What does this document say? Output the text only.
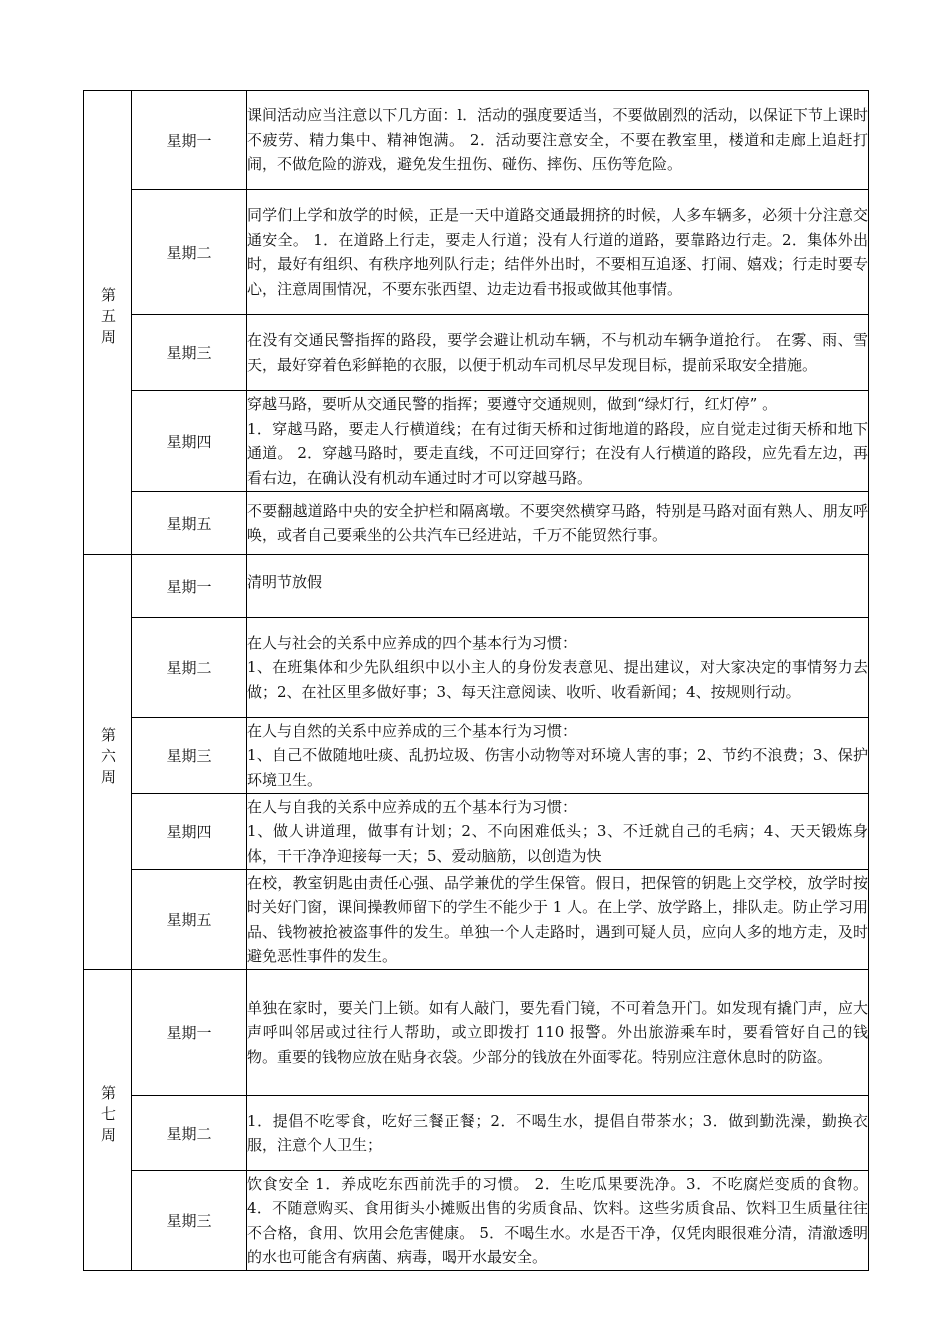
第五周	星期一	课间活动应当注意以下几方面：l．活动的强度要适当，不要做剧烈的活动，以保证下节上课时不疲劳、精力集中、精神饱满。 2．活动要注意安全，不要在教室里，楼道和走廊上追赶打闹，不做危险的游戏，避免发生扭伤、碰伤、摔伤、压伤等危险。

	星期二	同学们上学和放学的时候，正是一天中道路交通最拥挤的时候，人多车辆多，必须十分注意交通安全。 1．在道路上行走，要走人行道；没有人行道的道路，要靠路边行走。2．集体外出时，最好有组织、有秩序地列队行走；结伴外出时，不要相互追逐、打闹、嬉戏；行走时要专心，注意周围情况，不要东张西望、边走边看书报或做其他事情。

	星期三	在没有交通民警指挥的路段，要学会避让机动车辆，不与机动车辆争道抢行。 在雾、雨、雪天，最好穿着色彩鲜艳的衣服，以便于机动车司机尽早发现目标，提前采取安全措施。

	星期四	穿越马路，要听从交通民警的指挥；要遵守交通规则，做到“绿灯行，红灯停” 。
1．穿越马路，要走人行横道线；在有过街天桥和过街地道的路段，应自觉走过街天桥和地下通道。 2．穿越马路时，要走直线，不可迂回穿行；在没有人行横道的路段，应先看左边，再看右边，在确认没有机动车通过时才可以穿越马路。

	星期五	不要翻越道路中央的安全护栏和隔离墩。不要突然横穿马路，特别是马路对面有熟人、朋友呼唤，或者自己要乘坐的公共汽车已经进站，千万不能贸然行事。

第六周	星期一	清明节放假

	星期二	在人与社会的关系中应养成的四个基本行为习惯：
1、在班集体和少先队组织中以小主人的身份发表意见、提出建议，对大家决定的事情努力去做；2、在社区里多做好事；3、每天注意阅读、收听、收看新闻；4、按规则行动。

	星期三	在人与自然的关系中应养成的三个基本行为习惯：
1、自己不做随地吐痰、乱扔垃圾、伤害小动物等对环境人害的事；2、节约不浪费；3、保护环境卫生。

	星期四	在人与自我的关系中应养成的五个基本行为习惯：
1、做人讲道理，做事有计划；2、不向困难低头；3、不迁就自己的毛病；4、天天锻炼身体，干干净净迎接每一天；5、爱动脑筋，以创造为快

	星期五	在校，教室钥匙由责任心强、品学兼优的学生保管。假日，把保管的钥匙上交学校，放学时按时关好门窗，课间操教师留下的学生不能少于 1 人。在上学、放学路上，排队走。防止学习用品、钱物被抢被盗事件的发生。单独一个人走路时，遇到可疑人员，应向人多的地方走，及时避免恶性事件的发生。

第七周	星期一	单独在家时，要关门上锁。如有人敲门，要先看门镜，不可着急开门。如发现有撬门声，应大声呼叫邻居或过往行人帮助，或立即拨打 110 报警。外出旅游乘车时，要看管好自己的钱物。重要的钱物应放在贴身衣袋。少部分的钱放在外面零花。特别应注意休息时的防盗。

	星期二	1．提倡不吃零食，吃好三餐正餐；2．不喝生水，提倡自带茶水；3．做到勤洗澡，勤换衣服，注意个人卫生；

	星期三	饮食安全 1．养成吃东西前洗手的习惯。 2．生吃瓜果要洗净。3．不吃腐烂变质的食物。 4．不随意购买、食用街头小摊贩出售的劣质食品、饮料。这些劣质食品、饮料卫生质量往往不合格，食用、饮用会危害健康。 5．不喝生水。水是否干净，仅凭肉眼很难分清，清澈透明的水也可能含有病菌、病毒，喝开水最安全。
